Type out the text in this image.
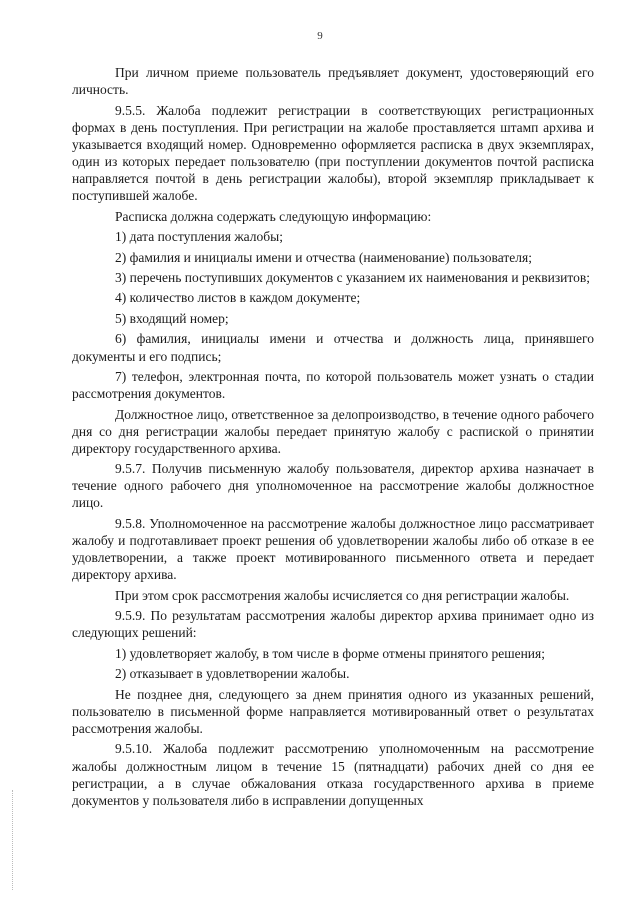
9

При личном приеме пользователь предъявляет документ, удостоверяющий его личность.

9.5.5. Жалоба подлежит регистрации в соответствующих регистрационных формах в день поступления. При регистрации на жалобе проставляется штамп архива и указывается входящий номер. Одновременно оформляется расписка в двух экземплярах, один из которых передает пользователю (при поступлении документов почтой расписка направляется почтой в день регистрации жалобы), второй экземпляр прикладывает к поступившей жалобе.

Расписка должна содержать следующую информацию:

1) дата поступления жалобы;

2) фамилия и инициалы имени и отчества (наименование) пользователя;

3) перечень поступивших документов с указанием их наименования и реквизитов;

4) количество листов в каждом документе;

5) входящий номер;

6) фамилия, инициалы имени и отчества и должность лица, принявшего документы и его подпись;

7) телефон, электронная почта, по которой пользователь может узнать о стадии рассмотрения документов.

Должностное лицо, ответственное за делопроизводство, в течение одного рабочего дня со дня регистрации жалобы передает принятую жалобу с распиской о принятии директору государственного архива.

9.5.7. Получив письменную жалобу пользователя, директор архива назначает в течение одного рабочего дня уполномоченное на рассмотрение жалобы должностное лицо.

9.5.8. Уполномоченное на рассмотрение жалобы должностное лицо рассматривает жалобу и подготавливает проект решения об удовлетворении жалобы либо об отказе в ее удовлетворении, а также проект мотивированного письменного ответа и передает директору архива.

При этом срок рассмотрения жалобы исчисляется со дня регистрации жалобы.

9.5.9. По результатам рассмотрения жалобы директор архива принимает одно из следующих решений:

1) удовлетворяет жалобу, в том числе в форме отмены принятого решения;

2) отказывает в удовлетворении жалобы.

Не позднее дня, следующего за днем принятия одного из указанных решений, пользователю в письменной форме направляется мотивированный ответ о результатах рассмотрения жалобы.

9.5.10. Жалоба подлежит рассмотрению уполномоченным на рассмотрение жалобы должностным лицом в течение 15 (пятнадцати) рабочих дней со дня ее регистрации, а в случае обжалования отказа государственного архива в приеме документов у пользователя либо в исправлении допущенных
